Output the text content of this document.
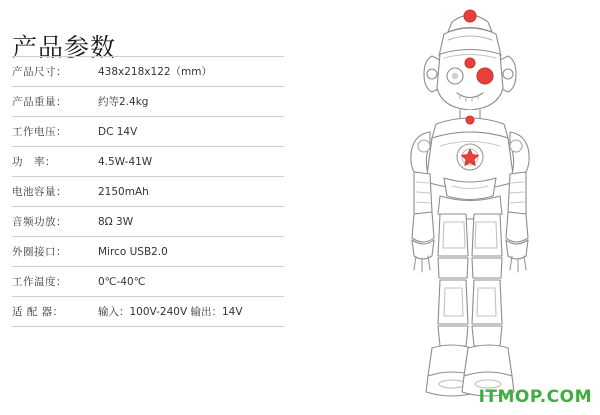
产品参数
产品尺寸：	438x218x122（mm）
产品重量：	约等2.4kg
工作电压：	DC 14V
功　率：	4.5W-41W
电池容量：	2150mAh
音频功放：	8Ω 3W
外圈接口：	Mirco USB2.0
工作温度：	0℃-40℃
适 配 器：	输入：100V-240V 输出：14V
ITMOP.COM
